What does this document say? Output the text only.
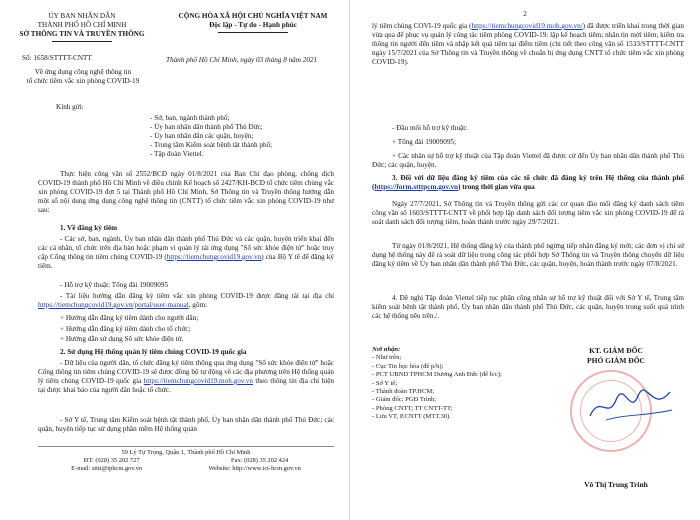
ỦY BAN NHÂN DÂN
THÀNH PHỐ HỒ CHÍ MINH
SỞ THÔNG TIN VÀ TRUYỀN THÔNG
CỘNG HÒA XÃ HỘI CHỦ NGHĨA VIỆT NAM
Độc lập - Tự do - Hạnh phúc
Số: 1658/STTTT-CNTT
Về ứng dụng công nghệ thông tin
tổ chức tiêm vắc xin phòng COVID-19
Thành phố Hồ Chí Minh, ngày 03 tháng 8 năm 2021
Kính gửi:
- Sở, ban, ngành thành phố;
- Ủy ban nhân dân thành phố Thủ Đức;
- Ủy ban nhân dân các quận, huyện;
- Trung tâm Kiểm soát bệnh tật thành phố;
- Tập đoàn Viettel.
Thực hiện công văn số 2552/BCĐ ngày 01/8/2021 của Ban Chỉ đạo phòng, chống dịch COVID-19 thành phố Hồ Chí Minh về điều chỉnh Kế hoạch số 2427/KH-BCĐ tổ chức tiêm chủng vắc xin phòng COVID-19 đợt 5 tại Thành phố Hồ Chí Minh, Sở Thông tin và Truyền thông hướng dẫn một số nội dung ứng dụng công nghệ thông tin (CNTT) tổ chức tiêm vắc xin phòng COVID-19 như sau:
1. Về đăng ký tiêm
- Các sở, ban, ngành, Ủy ban nhân dân thành phố Thủ Đức và các quận, huyện triển khai đến các cá nhân, tổ chức trên địa bàn hoặc phạm vi quản lý tải ứng dụng "Sổ sức khỏe điện tử" hoặc truy cập Cổng thông tin tiêm chủng COVID-19 (https://tiemchungcovid19.gov.vn) của Bộ Y tế để đăng ký tiêm.
- Hỗ trợ kỹ thuật: Tổng đài 19009095
- Tài liệu hướng dẫn đăng ký tiêm vắc xin phòng COVID-19 được đăng tải tại địa chỉ https://tiemchungcovid19.gov.vn/portal/user-manual, gồm:
+ Hướng dẫn đăng ký tiêm dành cho người dân;
+ Hướng dẫn đăng ký tiêm dành cho tổ chức;
+ Hướng dẫn sử dụng Sổ sức khỏe điện tử.
2. Sử dụng Hệ thống quản lý tiêm chủng COVID-19 quốc gia
- Dữ liệu của người dân, tổ chức đăng ký tiêm thông qua ứng dụng "Sổ sức khỏe điện tử" hoặc Cổng thông tin tiêm chủng COVID-19 sẽ được đồng bộ tự động về các địa phương trên Hệ thống quản lý tiêm chủng COVID-19 quốc gia https://tiemchungcovid19.moh.gov.vn theo thông tin địa chỉ hiện tại được khai báo của người dân hoặc tổ chức.
- Sở Y tế, Trung tâm Kiểm soát bệnh tật thành phố, Ủy ban nhân dân thành phố Thủ Đức; các quận, huyện tiếp tục sử dụng phần mềm Hệ thống quản
59 Lý Tự Trọng, Quận 1, Thành phố Hồ Chí Minh
ĐT: (028) 35 202 727	Fax: (028) 35 202 424
E-mail: stttt@tphcm.gov.vn	Website: http://www.ict-hcm.gov.vn
2
lý tiêm chủng COVI-19 quốc gia (https://tiemchungcovid19.moh.gov.vn/) đã được triển khai trong thời gian vừa qua để phục vụ quản lý công tác tiêm phòng COVID-19: lập kế hoạch tiêm; nhân tin mời tiêm; kiểm tra thông tin người đến tiêm và nhập kết quả tiêm tại điểm tiêm (chi tiết theo công văn số 1533/STTTT-CNTT ngày 15/7/2021 của Sở Thông tin và Truyền thông về chuẩn bị ứng dụng CNTT tổ chức tiêm vắc xin phòng COVID-19).
- Đầu mối hỗ trợ kỹ thuật:
+ Tổng đài 19009095;
+ Các nhân sự hỗ trợ kỹ thuật của Tập đoàn Viettel đã được cử đến Ủy ban nhân dân thành phố Thủ Đức; các quận, huyện.
3. Đối với dữ liệu đăng ký tiêm của các tổ chức đã đăng ký trên Hệ thống của thành phố (https://form.stttpcm.gov.vn) trong thời gian vừa qua
Ngày 27/7/2021, Sở Thông tin và Truyền thông gửi các cơ quan đầu mối đăng ký danh sách tiêm công văn số 1603/STTTT-CNTT về phối hợp lập danh sách đối tượng tiêm vắc xin phòng COVID-19 để rà soát danh sách đối tượng tiêm, hoàn thành trước ngày 29/7/2021.
Từ ngày 01/8/2021, Hệ thống đăng ký của thành phố ngừng tiếp nhận đăng ký mới; các đơn vị chỉ sử dụng hệ thống này để rà soát dữ liệu trong công tác phối hợp Sở Thông tin và Truyền thông chuyển dữ liệu đăng ký tiêm về Ủy ban nhân dân thành phố Thủ Đức, các quận, huyện, hoàn thành trước ngày 07/8/2021.
4. Đề nghị Tập đoàn Viettel tiếp tục phân công nhân sự hỗ trợ kỹ thuật đối với Sở Y tế, Trung tâm kiểm soát bệnh tật thành phố, Ủy ban nhân dân thành phố Thủ Đức, các quận, huyện trong suốt quá trình các hệ thống nêu trên./.
Nơi nhận:
- Như trên;
- Cục Tin học hóa (để p/h);
- PCT UBND TPHCM Dương Anh Đức (để b/c);
- Sở Y tế;
- Thành đoàn TP.HCM;
- Giám đốc; PGĐ Trình;
- Phòng CNTT; TT CNTT-TT;
- Lưu VT, P.CNTT (MTT.30).
KT. GIÁM ĐỐC
PHÓ GIÁM ĐỐC
Võ Thị Trung Trinh
